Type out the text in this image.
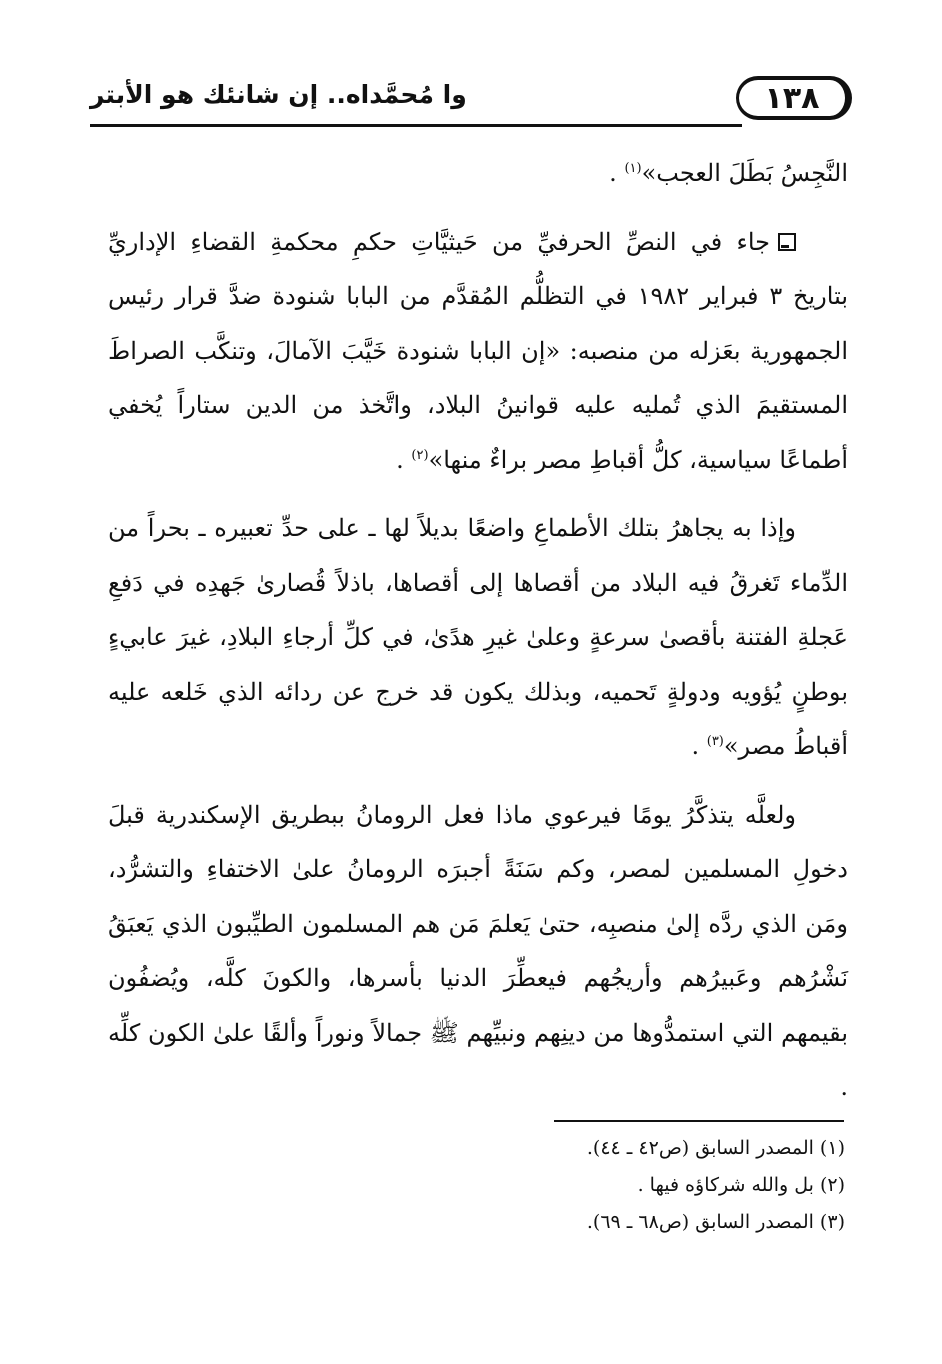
١٣٨
وا مُحمَّداه.. إن شانئك هو الأبتر

النَّجِسُ بَطَلَ العجب»$^{(١)}$ .

جاء في النصِّ الحرفيِّ من حَيثيَّاتِ حكمِ محكمةِ القضاءِ الإداريِّ بتاريخ ٣ فبراير ١٩٨٢ في التظلُّم المُقدَّم من البابا شنودة ضدَّ قرار رئيس الجمهورية بعَزله من منصبه: «إن البابا شنودة خَيَّبَ الآمالَ، وتنكَّب الصراطَ المستقيمَ الذي تُمليه عليه قوانينُ البلاد، واتَّخذ من الدين ستاراً يُخفي أطماعًا سياسية، كلُّ أقباطِ مصر براءٌ منها»$^{(٢)}$ .

وإذا به يجاهرُ بتلك الأطماعِ واضعًا بديلاً لها ـ على حدِّ تعبيره ـ بحراً من الدِّماء تَغرقُ فيه البلاد من أقصاها إلى أقصاها، باذلاً قُصارىٰ جَهدِه في دَفعِ عَجلةِ الفتنة بأقصىٰ سرعةٍ وعلىٰ غيرِ هدًىٰ، في كلِّ أرجاءِ البلادِ، غيرَ عابيءٍ بوطنٍ يُؤويه ودولةٍ تَحميه، وبذلك يكون قد خرج عن ردائه الذي خَلعه عليه أقباطُ مصر»$^{(٣)}$ .

ولعلَّه يتذكَّرُ يومًا فيرعوي ماذا فعل الرومانُ ببطريق الإسكندرية قبلَ دخولِ المسلمين لمصر، وكم سَنَةً أجبرَه الرومانُ علىٰ الاختفاءِ والتشرُّد، ومَن الذي ردَّه إلىٰ منصبِه، حتىٰ يَعلمَ مَن هم المسلمون الطيِّبون الذي يَعبَقُ نَشْرُهم وعَبيرُهم وأريجُهم فيعطِّرَ الدنيا بأسرها، والكونَ كلَّه، ويُضفُون بقيمهم التي استمدُّوها من دينِهم ونبيِّهم ﷺ جمالاً ونوراً وألقًا علىٰ الكون كلِّه .

(١) المصدر السابق (ص٤٢ ـ ٤٤).
(٢) بل والله شركاؤه فيها .
(٣) المصدر السابق (ص٦٨ ـ ٦٩).
